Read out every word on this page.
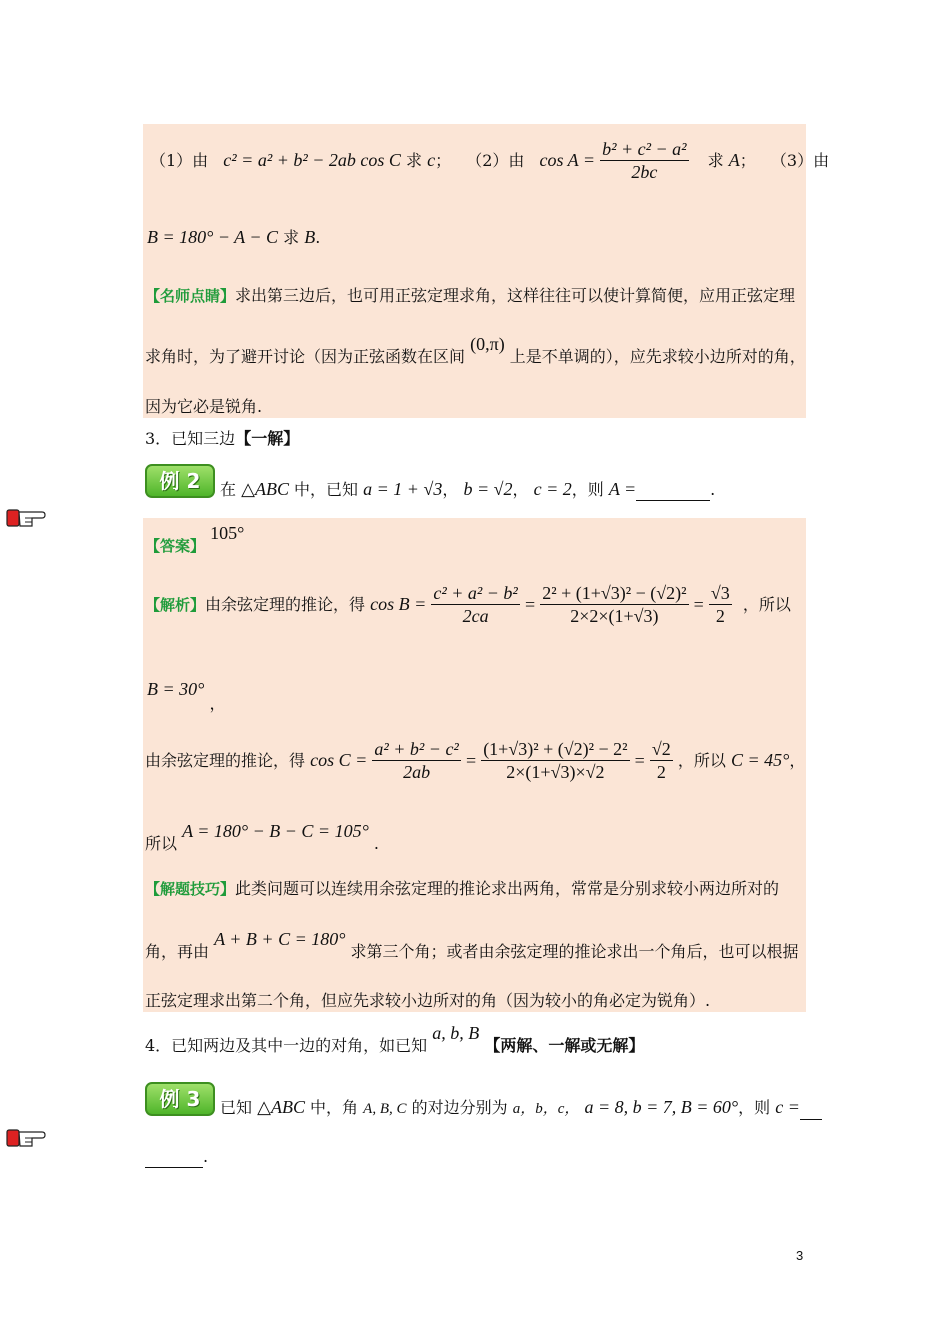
（1）由 c² = a² + b² − 2ab cos C 求 c； （2）由 $\cos A = \frac{\text{b² + c² − a²}}{2bc}$ 求 A； （3）由
B = 180° − A − C 求 B.
【名师点睛】求出第三边后，也可用正弦定理求角，这样往往可以使计算简便，应用正弦定理
求角时，为了避开讨论（因为正弦函数在区间 (0,π) 上是不单调的），应先求较小边所对的角，
因为它必是锐角.
3．已知三边【一解】
例 2	在 △ABC 中，已知 a = 1 + √3， b = √2， c = 2，则 A =	.
【答案】 105°
【解析】由余弦定理的推论，得 $\cos B = \frac{\text{c² + a² − b²}}{2ca} = \frac{\text{2² + (1+√3)² − (√2)²}}{2\times 2\times(1+√3)} = \frac{√3}{2}$ ，所以
B = 30° ，
由余弦定理的推论，得 $\cos C = \frac{\text{a² + b² − c²}}{2ab} = \frac{\text{(1+√3)² + (√2)² − 2²}}{2\times(1+√3)\times√2} = \frac{√2}{2}$ ，所以 C = 45°，
所以 A = 180° − B − C = 105° .
【解题技巧】此类问题可以连续用余弦定理的推论求出两角，常常是分别求较小两边所对的
角，再由 A + B + C = 180° 求第三个角；或者由余弦定理的推论求出一个角后，也可以根据
正弦定理求出第二个角，但应先求较小边所对的角（因为较小的角必定为锐角）.
4．已知两边及其中一边的对角，如已知 a, b, B 【两解、一解或无解】
例 3	已知 △ABC 中，角 A, B, C 的对边分别为 a，b，c， a = 8, b = 7, B = 60°，则 c =
.
3
